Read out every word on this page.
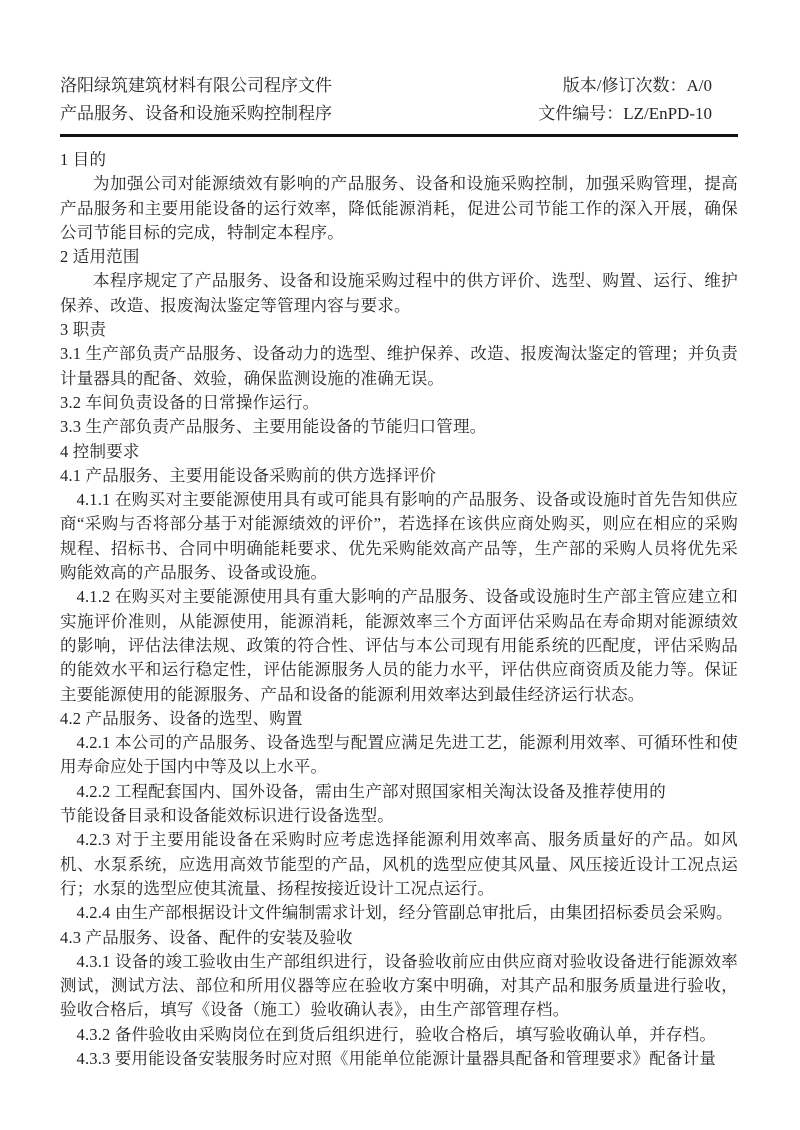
洛阳绿筑建筑材料有限公司程序文件
产品服务、设备和设施采购控制程序
版本/修订次数：A/0
文件编号：LZ/EnPD-10

1 目的

为加强公司对能源绩效有影响的产品服务、设备和设施采购控制，加强采购管理，提高产品服务和主要用能设备的运行效率，降低能源消耗，促进公司节能工作的深入开展，确保公司节能目标的完成，特制定本程序。

2 适用范围

本程序规定了产品服务、设备和设施采购过程中的供方评价、选型、购置、运行、维护保养、改造、报废淘汰鉴定等管理内容与要求。

3 职责

3.1 生产部负责产品服务、设备动力的选型、维护保养、改造、报废淘汰鉴定的管理；并负责计量器具的配备、效验，确保监测设施的准确无误。

3.2 车间负责设备的日常操作运行。

3.3 生产部负责产品服务、主要用能设备的节能归口管理。

4 控制要求

4.1 产品服务、主要用能设备采购前的供方选择评价

4.1.1 在购买对主要能源使用具有或可能具有影响的产品服务、设备或设施时首先告知供应商“采购与否将部分基于对能源绩效的评价”，若选择在该供应商处购买，则应在相应的采购规程、招标书、合同中明确能耗要求、优先采购能效高产品等，生产部的采购人员将优先采购能效高的产品服务、设备或设施。

4.1.2 在购买对主要能源使用具有重大影响的产品服务、设备或设施时生产部主管应建立和实施评价准则，从能源使用，能源消耗，能源效率三个方面评估采购品在寿命期对能源绩效的影响，评估法律法规、政策的符合性、评估与本公司现有用能系统的匹配度，评估采购品的能效水平和运行稳定性，评估能源服务人员的能力水平，评估供应商资质及能力等。保证主要能源使用的能源服务、产品和设备的能源利用效率达到最佳经济运行状态。

4.2 产品服务、设备的选型、购置

4.2.1 本公司的产品服务、设备选型与配置应满足先进工艺，能源利用效率、可循环性和使用寿命应处于国内中等及以上水平。

4.2.2 工程配套国内、国外设备，需由生产部对照国家相关淘汰设备及推荐使用的

节能设备目录和设备能效标识进行设备选型。

4.2.3 对于主要用能设备在采购时应考虑选择能源利用效率高、服务质量好的产品。如风机、水泵系统，应选用高效节能型的产品，风机的选型应使其风量、风压接近设计工况点运行；水泵的选型应使其流量、扬程按接近设计工况点运行。

4.2.4 由生产部根据设计文件编制需求计划，经分管副总审批后，由集团招标委员会采购。

4.3 产品服务、设备、配件的安装及验收

4.3.1 设备的竣工验收由生产部组织进行，设备验收前应由供应商对验收设备进行能源效率测试，测试方法、部位和所用仪器等应在验收方案中明确，对其产品和服务质量进行验收，验收合格后，填写《设备（施工）验收确认表》，由生产部管理存档。

4.3.2 备件验收由采购岗位在到货后组织进行，验收合格后，填写验收确认单，并存档。

4.3.3 要用能设备安装服务时应对照《用能单位能源计量器具配备和管理要求》配备计量
